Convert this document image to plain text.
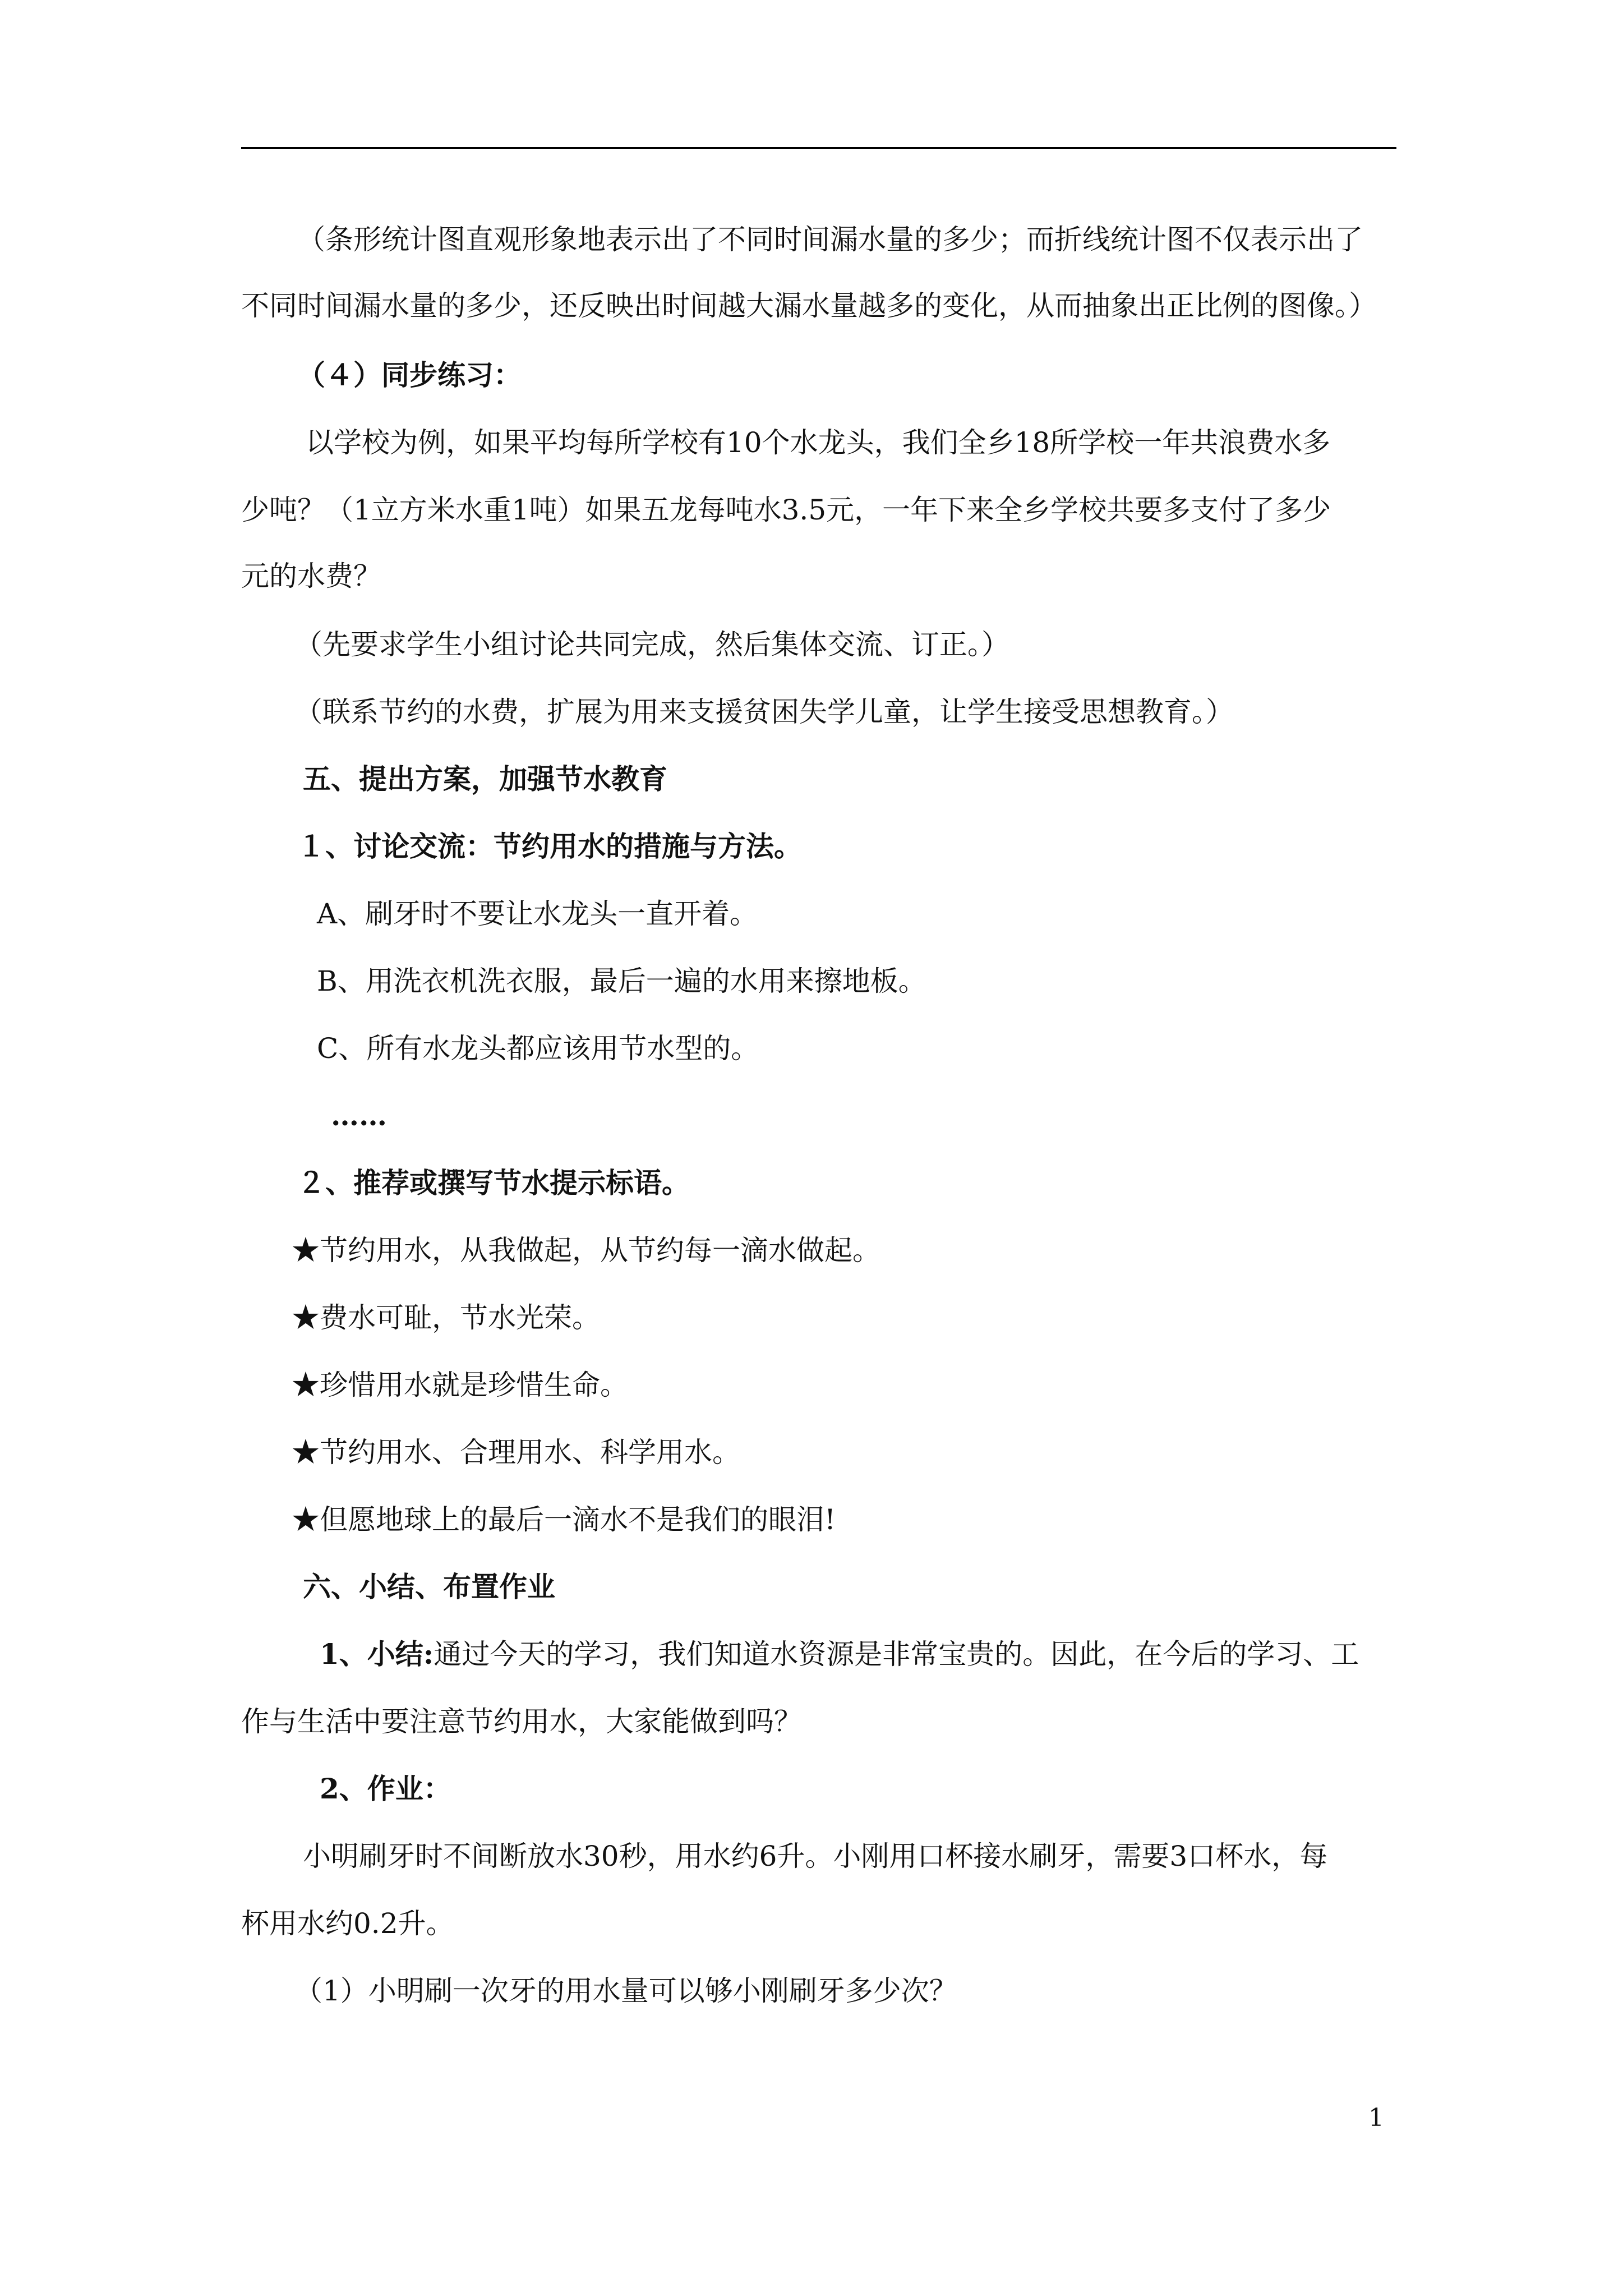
（条形统计图直观形象地表示出了不同时间漏水量的多少；而折线统计图不仅表示出了
不同时间漏水量的多少，还反映出时间越大漏水量越多的变化，从而抽象出正比例的图像。）
（４）同步练习：
以学校为例，如果平均每所学校有10个水龙头，我们全乡18所学校一年共浪费水多
少吨？（1立方米水重1吨）如果五龙每吨水3.5元，一年下来全乡学校共要多支付了多少
元的水费？
（先要求学生小组讨论共同完成，然后集体交流、订正。）
（联系节约的水费，扩展为用来支援贫困失学儿童，让学生接受思想教育。）
五、提出方案，加强节水教育
１、讨论交流：节约用水的措施与方法。
A、刷牙时不要让水龙头一直开着。
B、用洗衣机洗衣服，最后一遍的水用来擦地板。
C、所有水龙头都应该用节水型的。
……
２、推荐或撰写节水提示标语。
★节约用水，从我做起，从节约每一滴水做起。
★费水可耻，节水光荣。
★珍惜用水就是珍惜生命。
★节约用水、合理用水、科学用水。
★但愿地球上的最后一滴水不是我们的眼泪!
六、小结、布置作业
1、小结:通过今天的学习，我们知道水资源是非常宝贵的。因此，在今后的学习、工
作与生活中要注意节约用水，大家能做到吗？
2、作业：
小明刷牙时不间断放水30秒，用水约6升。小刚用口杯接水刷牙，需要3口杯水，每
杯用水约0.2升。
（1）小明刷一次牙的用水量可以够小刚刷牙多少次？
1
